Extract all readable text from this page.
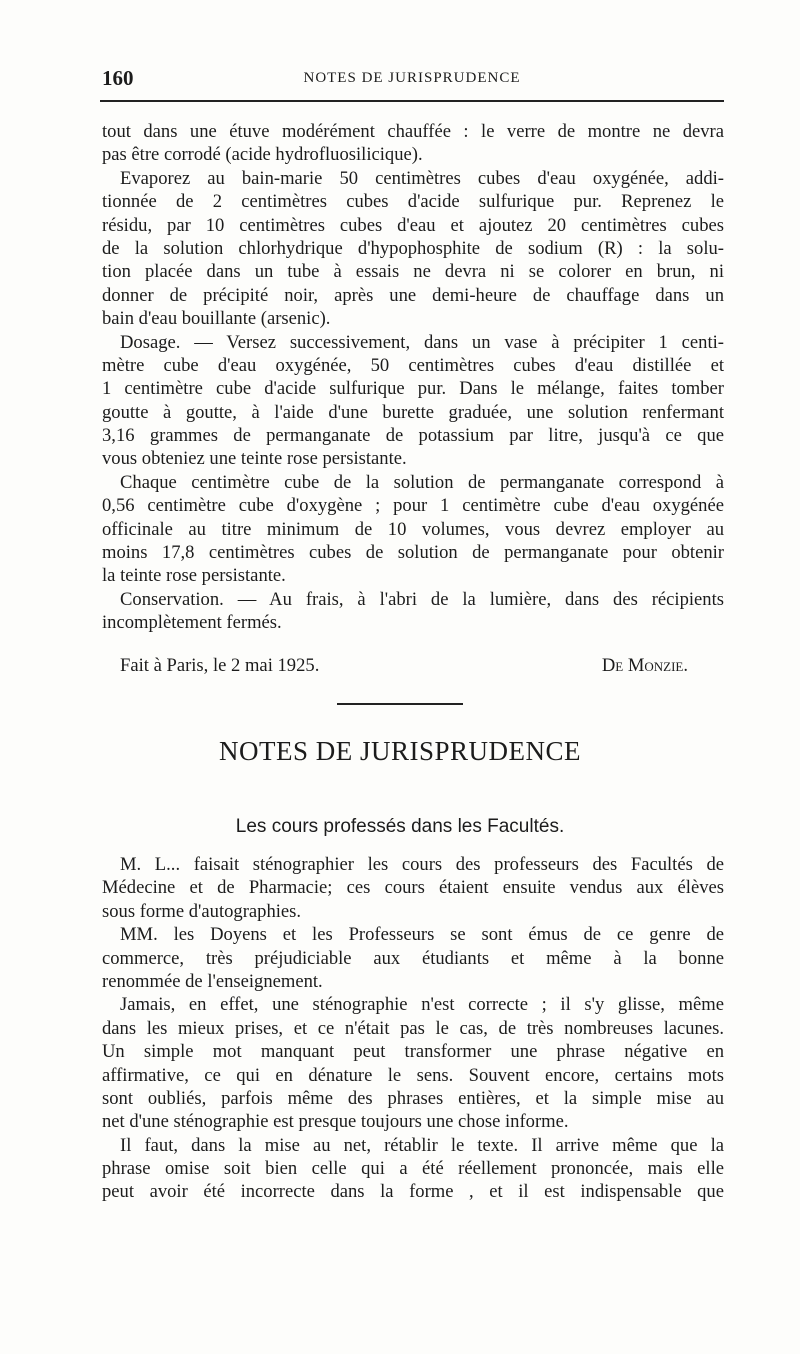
160	NOTES DE JURISPRUDENCE
tout dans une étuve modérément chauffée : le verre de montre ne devra
pas être corrodé (acide hydrofluosilicique).
Evaporez au bain-marie 50 centimètres cubes d'eau oxygénée, addi-
tionnée de 2 centimètres cubes d'acide sulfurique pur. Reprenez le
résidu, par 10 centimètres cubes d'eau et ajoutez 20 centimètres cubes
de la solution chlorhydrique d'hypophosphite de sodium (R) : la solu-
tion placée dans un tube à essais ne devra ni se colorer en brun, ni
donner de précipité noir, après une demi-heure de chauffage dans un
bain d'eau bouillante (arsenic).
Dosage. — Versez successivement, dans un vase à précipiter 1 centi-
mètre cube d'eau oxygénée, 50 centimètres cubes d'eau distillée et
1 centimètre cube d'acide sulfurique pur. Dans le mélange, faites tomber
goutte à goutte, à l'aide d'une burette graduée, une solution renfermant
3,16 grammes de permanganate de potassium par litre, jusqu'à ce que
vous obteniez une teinte rose persistante.
Chaque centimètre cube de la solution de permanganate correspond à
0,56 centimètre cube d'oxygène ; pour 1 centimètre cube d'eau oxygénée
officinale au titre minimum de 10 volumes, vous devrez employer au
moins 17,8 centimètres cubes de solution de permanganate pour obtenir
la teinte rose persistante.
Conservation. — Au frais, à l'abri de la lumière, dans des récipients
incomplètement fermés.
Fait à Paris, le 2 mai 1925.	De Monzie.
NOTES DE JURISPRUDENCE
Les cours professés dans les Facultés.
M. L... faisait sténographier les cours des professeurs des Facultés de
Médecine et de Pharmacie; ces cours étaient ensuite vendus aux élèves
sous forme d'autographies.
MM. les Doyens et les Professeurs se sont émus de ce genre de
commerce, très préjudiciable aux étudiants et même à la bonne
renommée de l'enseignement.
Jamais, en effet, une sténographie n'est correcte ; il s'y glisse, même
dans les mieux prises, et ce n'était pas le cas, de très nombreuses lacunes.
Un simple mot manquant peut transformer une phrase négative en
affirmative, ce qui en dénature le sens. Souvent encore, certains mots
sont oubliés, parfois même des phrases entières, et la simple mise au
net d'une sténographie est presque toujours une chose informe.
Il faut, dans la mise au net, rétablir le texte. Il arrive même que la
phrase omise soit bien celle qui a été réellement prononcée, mais elle
peut avoir été incorrecte dans la forme , et il est indispensable que
